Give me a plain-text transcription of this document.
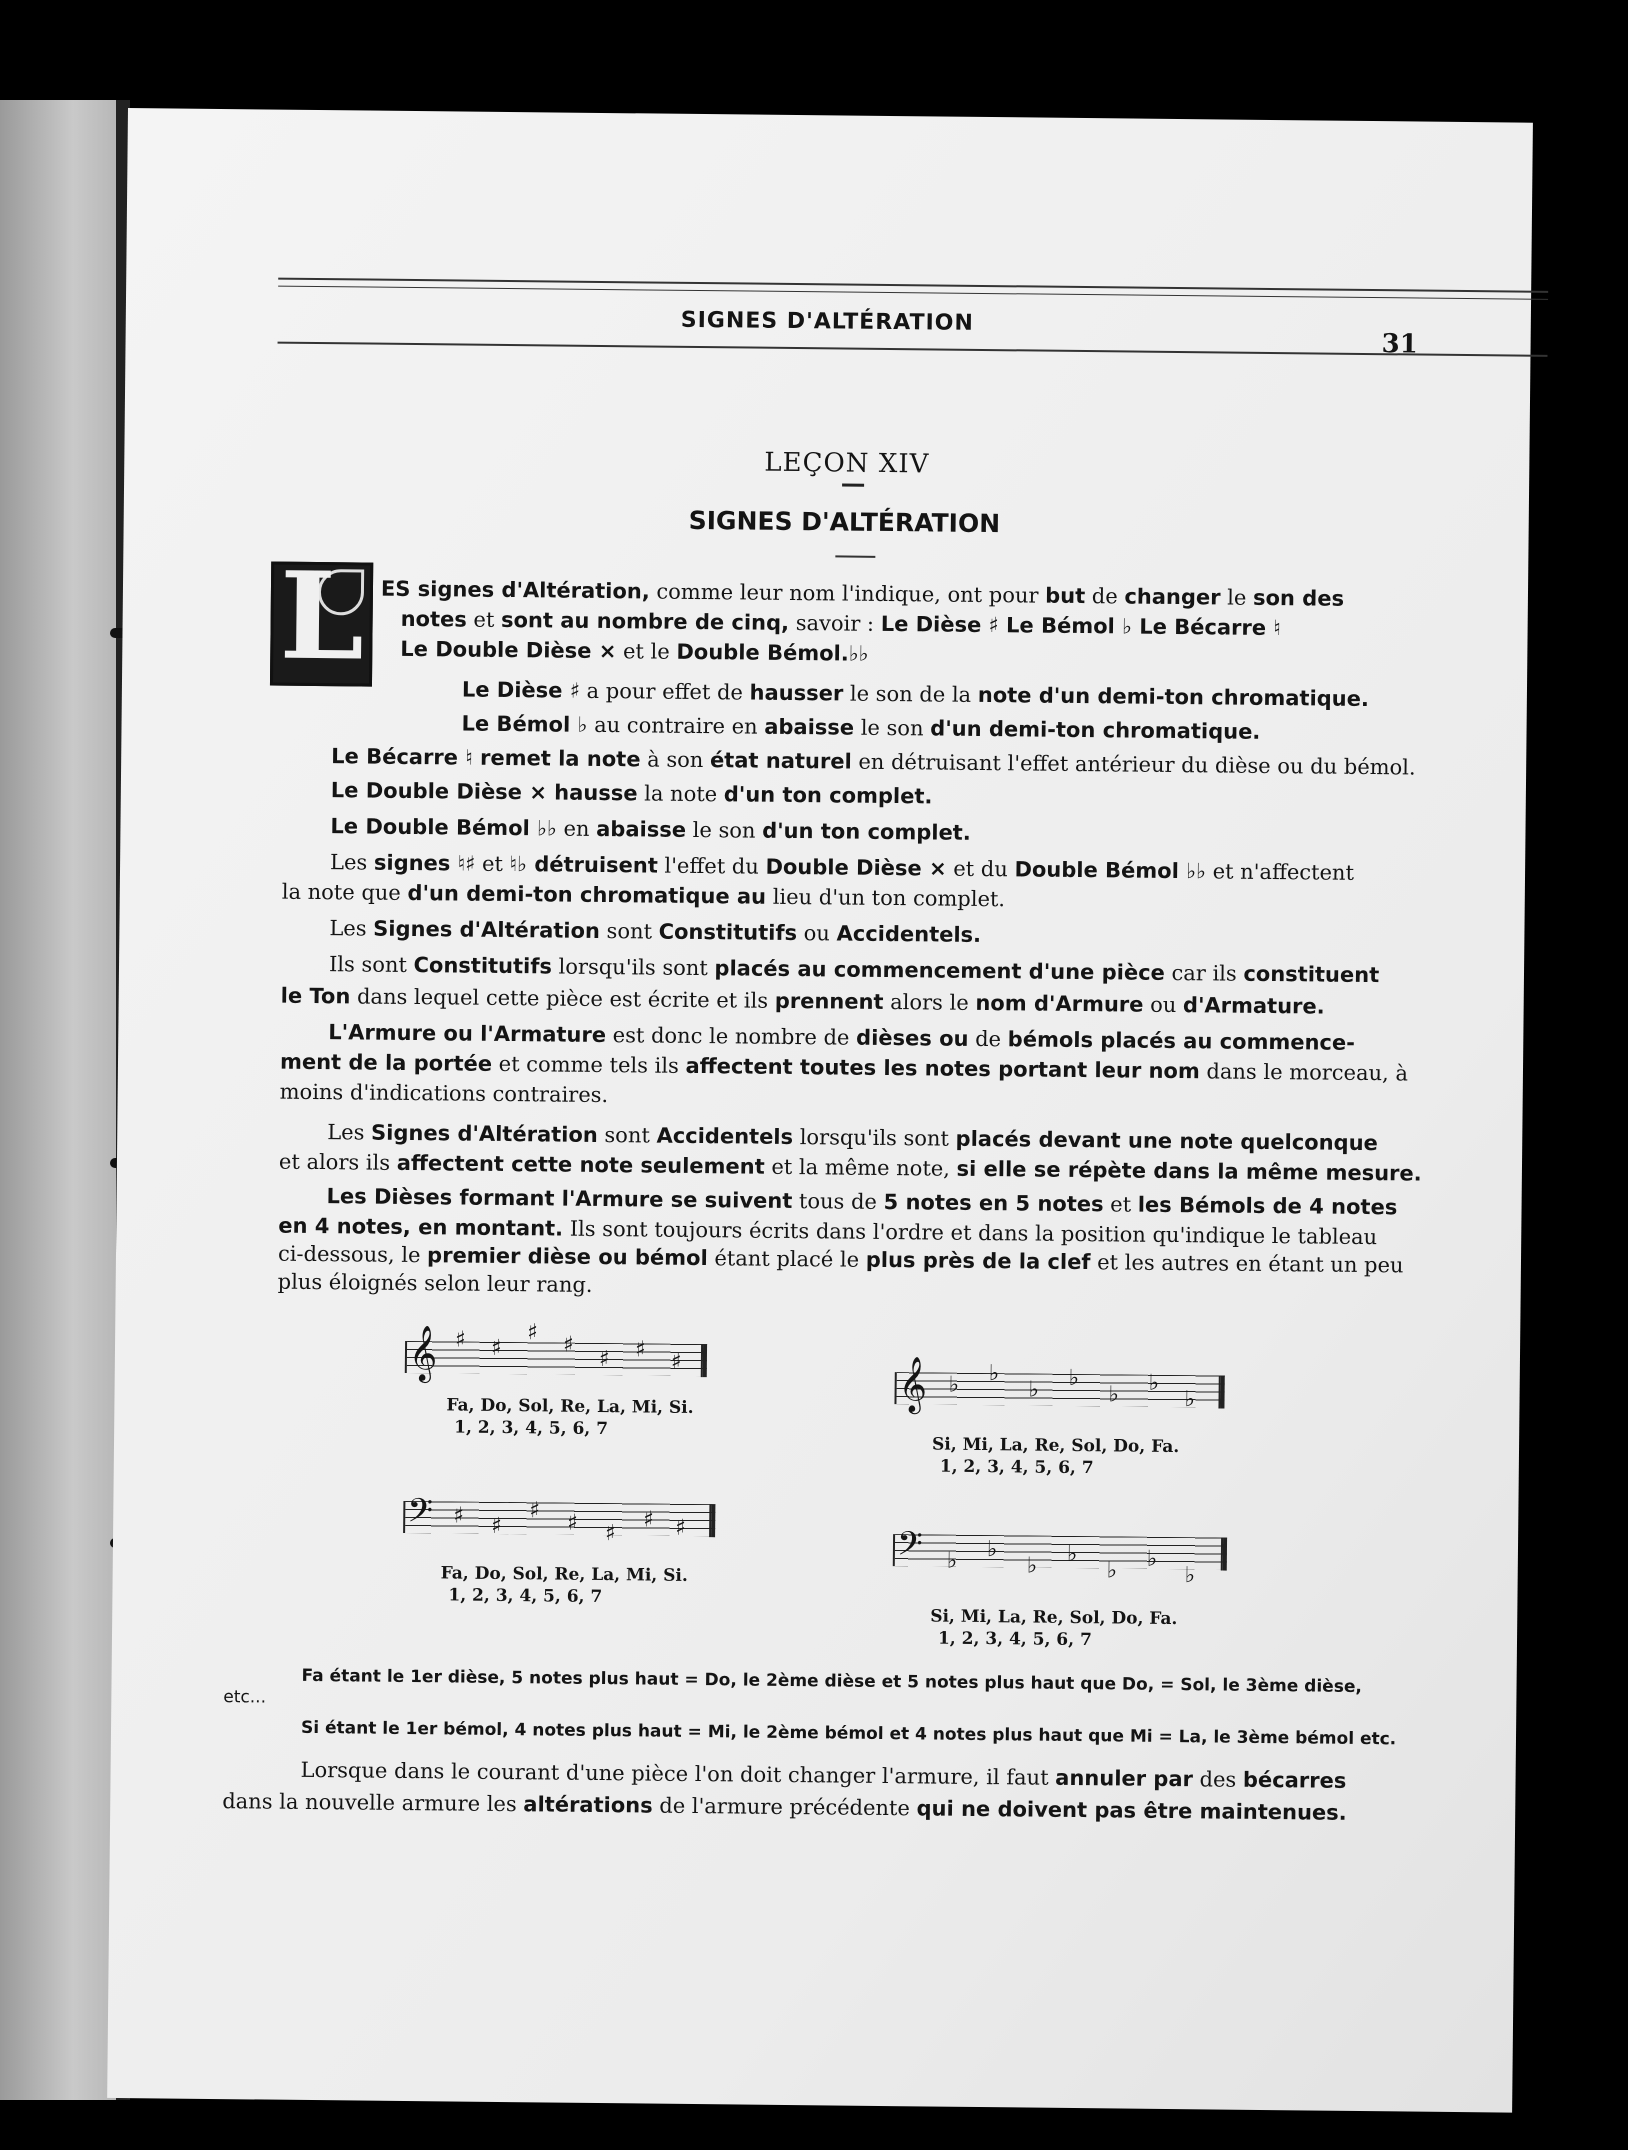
SIGNES D'ALTÉRATION
31
LEÇON XIV
SIGNES D'ALTÉRATION
L ES signes d'Altération, comme leur nom l'indique, ont pour but de changer le son des
notes et sont au nombre de cinq, savoir : Le Dièse ♯ Le Bémol ♭ Le Bécarre ♮
Le Double Dièse × et le Double Bémol.♭♭
Le Dièse ♯ a pour effet de hausser le son de la note d'un demi-ton chromatique.
Le Bémol ♭ au contraire en abaisse le son d'un demi-ton chromatique.
Le Bécarre ♮ remet la note à son état naturel en détruisant l'effet antérieur du dièse ou du bémol.
Le Double Dièse × hausse la note d'un ton complet.
Le Double Bémol ♭♭ en abaisse le son d'un ton complet.
Les signes ♮♯ et ♮♭ détruisent l'effet du Double Dièse × et du Double Bémol ♭♭ et n'affectent
la note que d'un demi-ton chromatique au lieu d'un ton complet.
Les Signes d'Altération sont Constitutifs ou Accidentels.
Ils sont Constitutifs lorsqu'ils sont placés au commencement d'une pièce car ils constituent
le Ton dans lequel cette pièce est écrite et ils prennent alors le nom d'Armure ou d'Armature.
L'Armure ou l'Armature est donc le nombre de dièses ou de bémols placés au commence-
ment de la portée et comme tels ils affectent toutes les notes portant leur nom dans le morceau, à
moins d'indications contraires.
Les Signes d'Altération sont Accidentels lorsqu'ils sont placés devant une note quelconque
et alors ils affectent cette note seulement et la même note, si elle se répète dans la même mesure.
Les Dièses formant l'Armure se suivent tous de 5 notes en 5 notes et les Bémols de 4 notes
en 4 notes, en montant. Ils sont toujours écrits dans l'ordre et dans la position qu'indique le tableau
ci-dessous, le premier dièse ou bémol étant placé le plus près de la clef et les autres en étant un peu
plus éloignés selon leur rang.
𝄞 ♯ ♯
♯ ♯
♯ ♯ ♯
Fa, Do, Sol, Re, La, Mi, Si.
1, 2, 3, 4, 5, 6, 7
𝄞 ♭ ♭
♭ ♭
♭ ♭
♭
Si, Mi, La, Re, Sol, Do, Fa.
1, 2, 3, 4, 5, 6, 7
𝄢 ♯ ♯
♯ ♯ ♯
♯ ♯
Fa, Do, Sol, Re, La, Mi, Si.
1, 2, 3, 4, 5, 6, 7
𝄢 ♭ ♭
♭ ♭
♭ ♭
♭
Si, Mi, La, Re, Sol, Do, Fa.
1, 2, 3, 4, 5, 6, 7
Fa étant le 1er dièse, 5 notes plus haut = Do, le 2ème dièse et 5 notes plus haut que Do, = Sol, le 3ème dièse,
etc...
Si étant le 1er bémol, 4 notes plus haut = Mi, le 2ème bémol et 4 notes plus haut que Mi = La, le 3ème bémol etc.
Lorsque dans le courant d'une pièce l'on doit changer l'armure, il faut annuler par des bécarres
dans la nouvelle armure les altérations de l'armure précédente qui ne doivent pas être maintenues.
